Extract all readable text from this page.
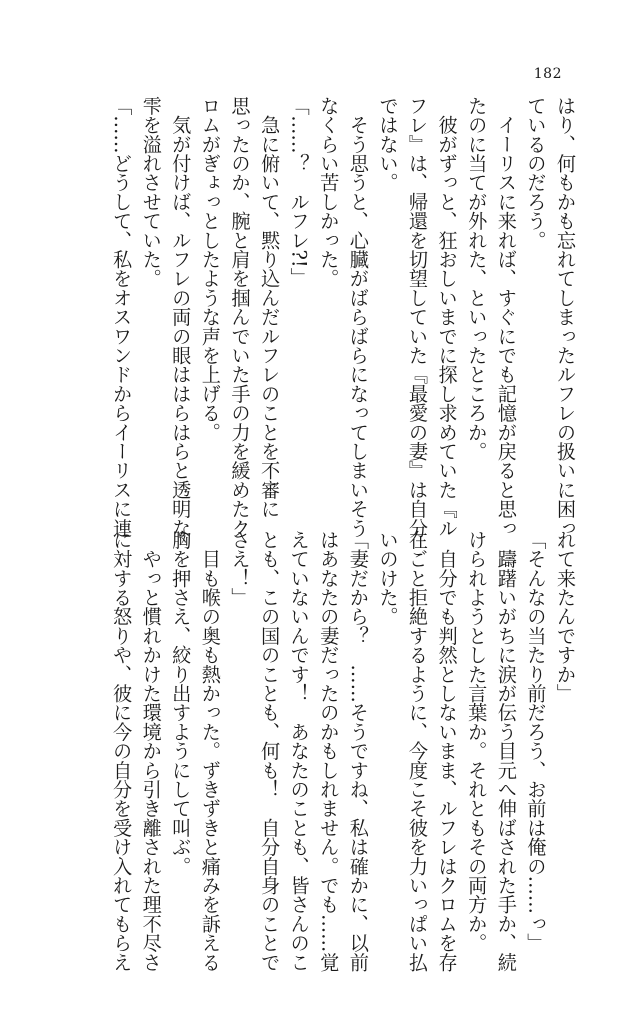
182
はり、何もかも忘れてしまったルフレの扱いに困っ
ているのだろう。
　イーリスに来れば、すぐにでも記憶が戻ると思っ
たのに当てが外れた、といったところか。
　彼がずっと、狂おしいまでに探し求めていた『ル
フレ』は、帰還を切望していた『最愛の妻』は自分
ではない。
　そう思うと、心臓がばらばらになってしまいそう
なくらい苦しかった。
「……？　ルフレ?!」
　急に俯いて、黙り込んだルフレのことを不審に
思ったのか、腕と肩を掴んでいた手の力を緩めたク
ロムがぎょっとしたような声を上げる。
　気が付けば、ルフレの両の眼ははらはらと透明な
雫を溢れさせていた。
「……どうして、私をオスワンドからイーリスに連
れて来たんですか」
「そんなの当たり前だろう、お前は俺の……っ」
　躊躇いがちに涙が伝う目元へ伸ばされた手か、続
けられようとした言葉か。それともその両方か。
　自分でも判然としないまま、ルフレはクロムを存
在ごと拒絶するように、今度こそ彼を力いっぱい払
いのけた。
「妻だから？　……そうですね、私は確かに、以前
はあなたの妻だったのかもしれません。でも……覚
えていないんです！　あなたのことも、皆さんのこ
とも、この国のことも、何も！　自分自身のことで
さえ！」
　目も喉の奥も熱かった。ずきずきと痛みを訴える
胸を押さえ、絞り出すようにして叫ぶ。
　やっと慣れかけた環境から引き離された理不尽さ
に対する怒りや、彼に今の自分を受け入れてもらえ
